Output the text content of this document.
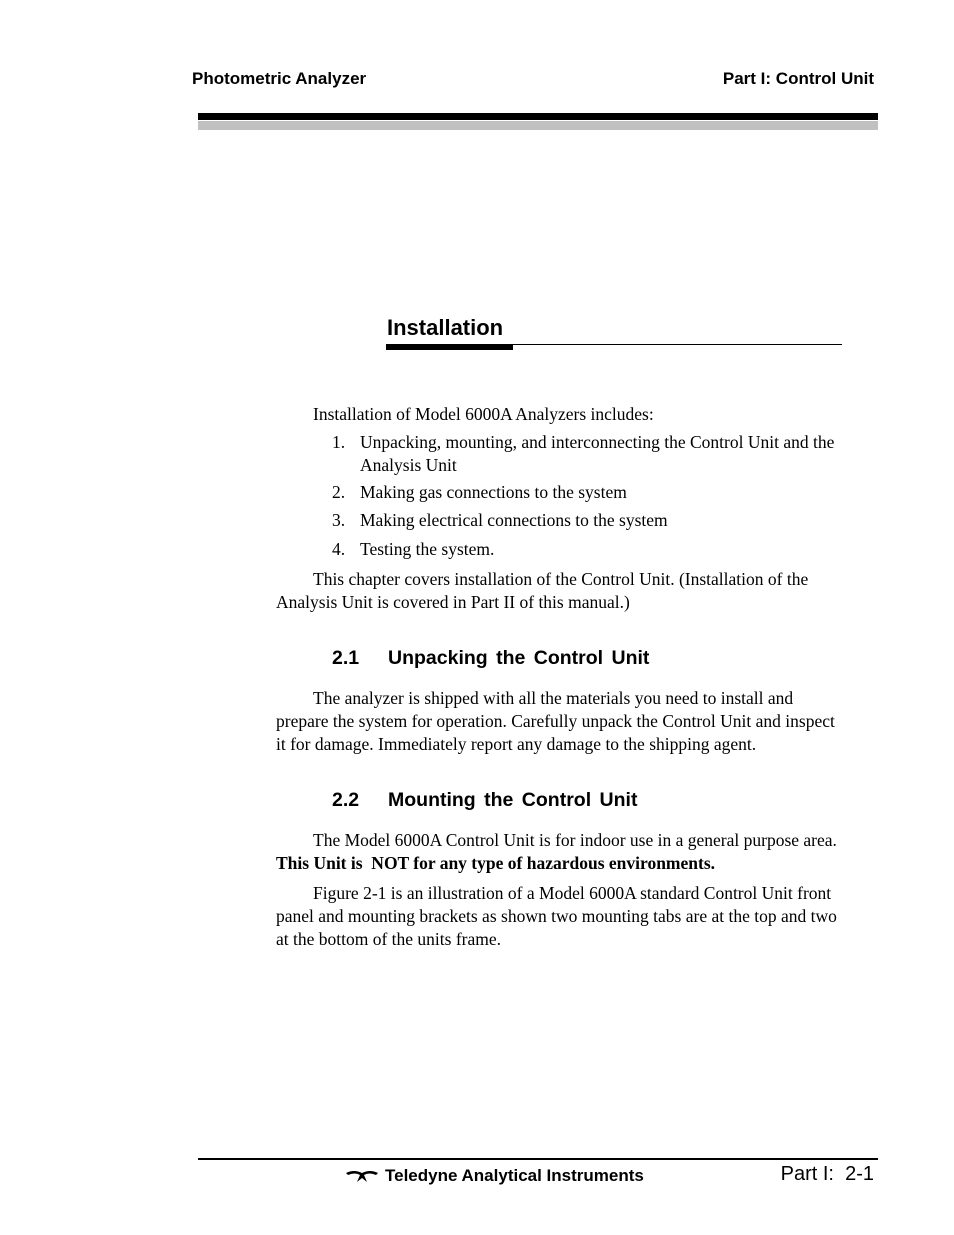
Photometric Analyzer	Part I: Control Unit
Installation
Installation of Model 6000A Analyzers includes:
1. Unpacking, mounting, and interconnecting the Control Unit and the Analysis Unit
2. Making gas connections to the system
3. Making electrical connections to the system
4. Testing the system.
This chapter covers installation of the Control Unit. (Installation of the Analysis Unit is covered in Part II of this manual.)
2.1 Unpacking the Control Unit
The analyzer is shipped with all the materials you need to install and prepare the system for operation. Carefully unpack the Control Unit and inspect it for damage. Immediately report any damage to the shipping agent.
2.2 Mounting the Control Unit
The Model 6000A Control Unit is for indoor use in a general purpose area. This Unit is  NOT for any type of hazardous environments.
Figure 2-1 is an illustration of a Model 6000A standard Control Unit front panel and mounting brackets as shown two mounting tabs are at the top and two at the bottom of the units frame.
Teledyne Analytical Instruments	Part I:  2-1
